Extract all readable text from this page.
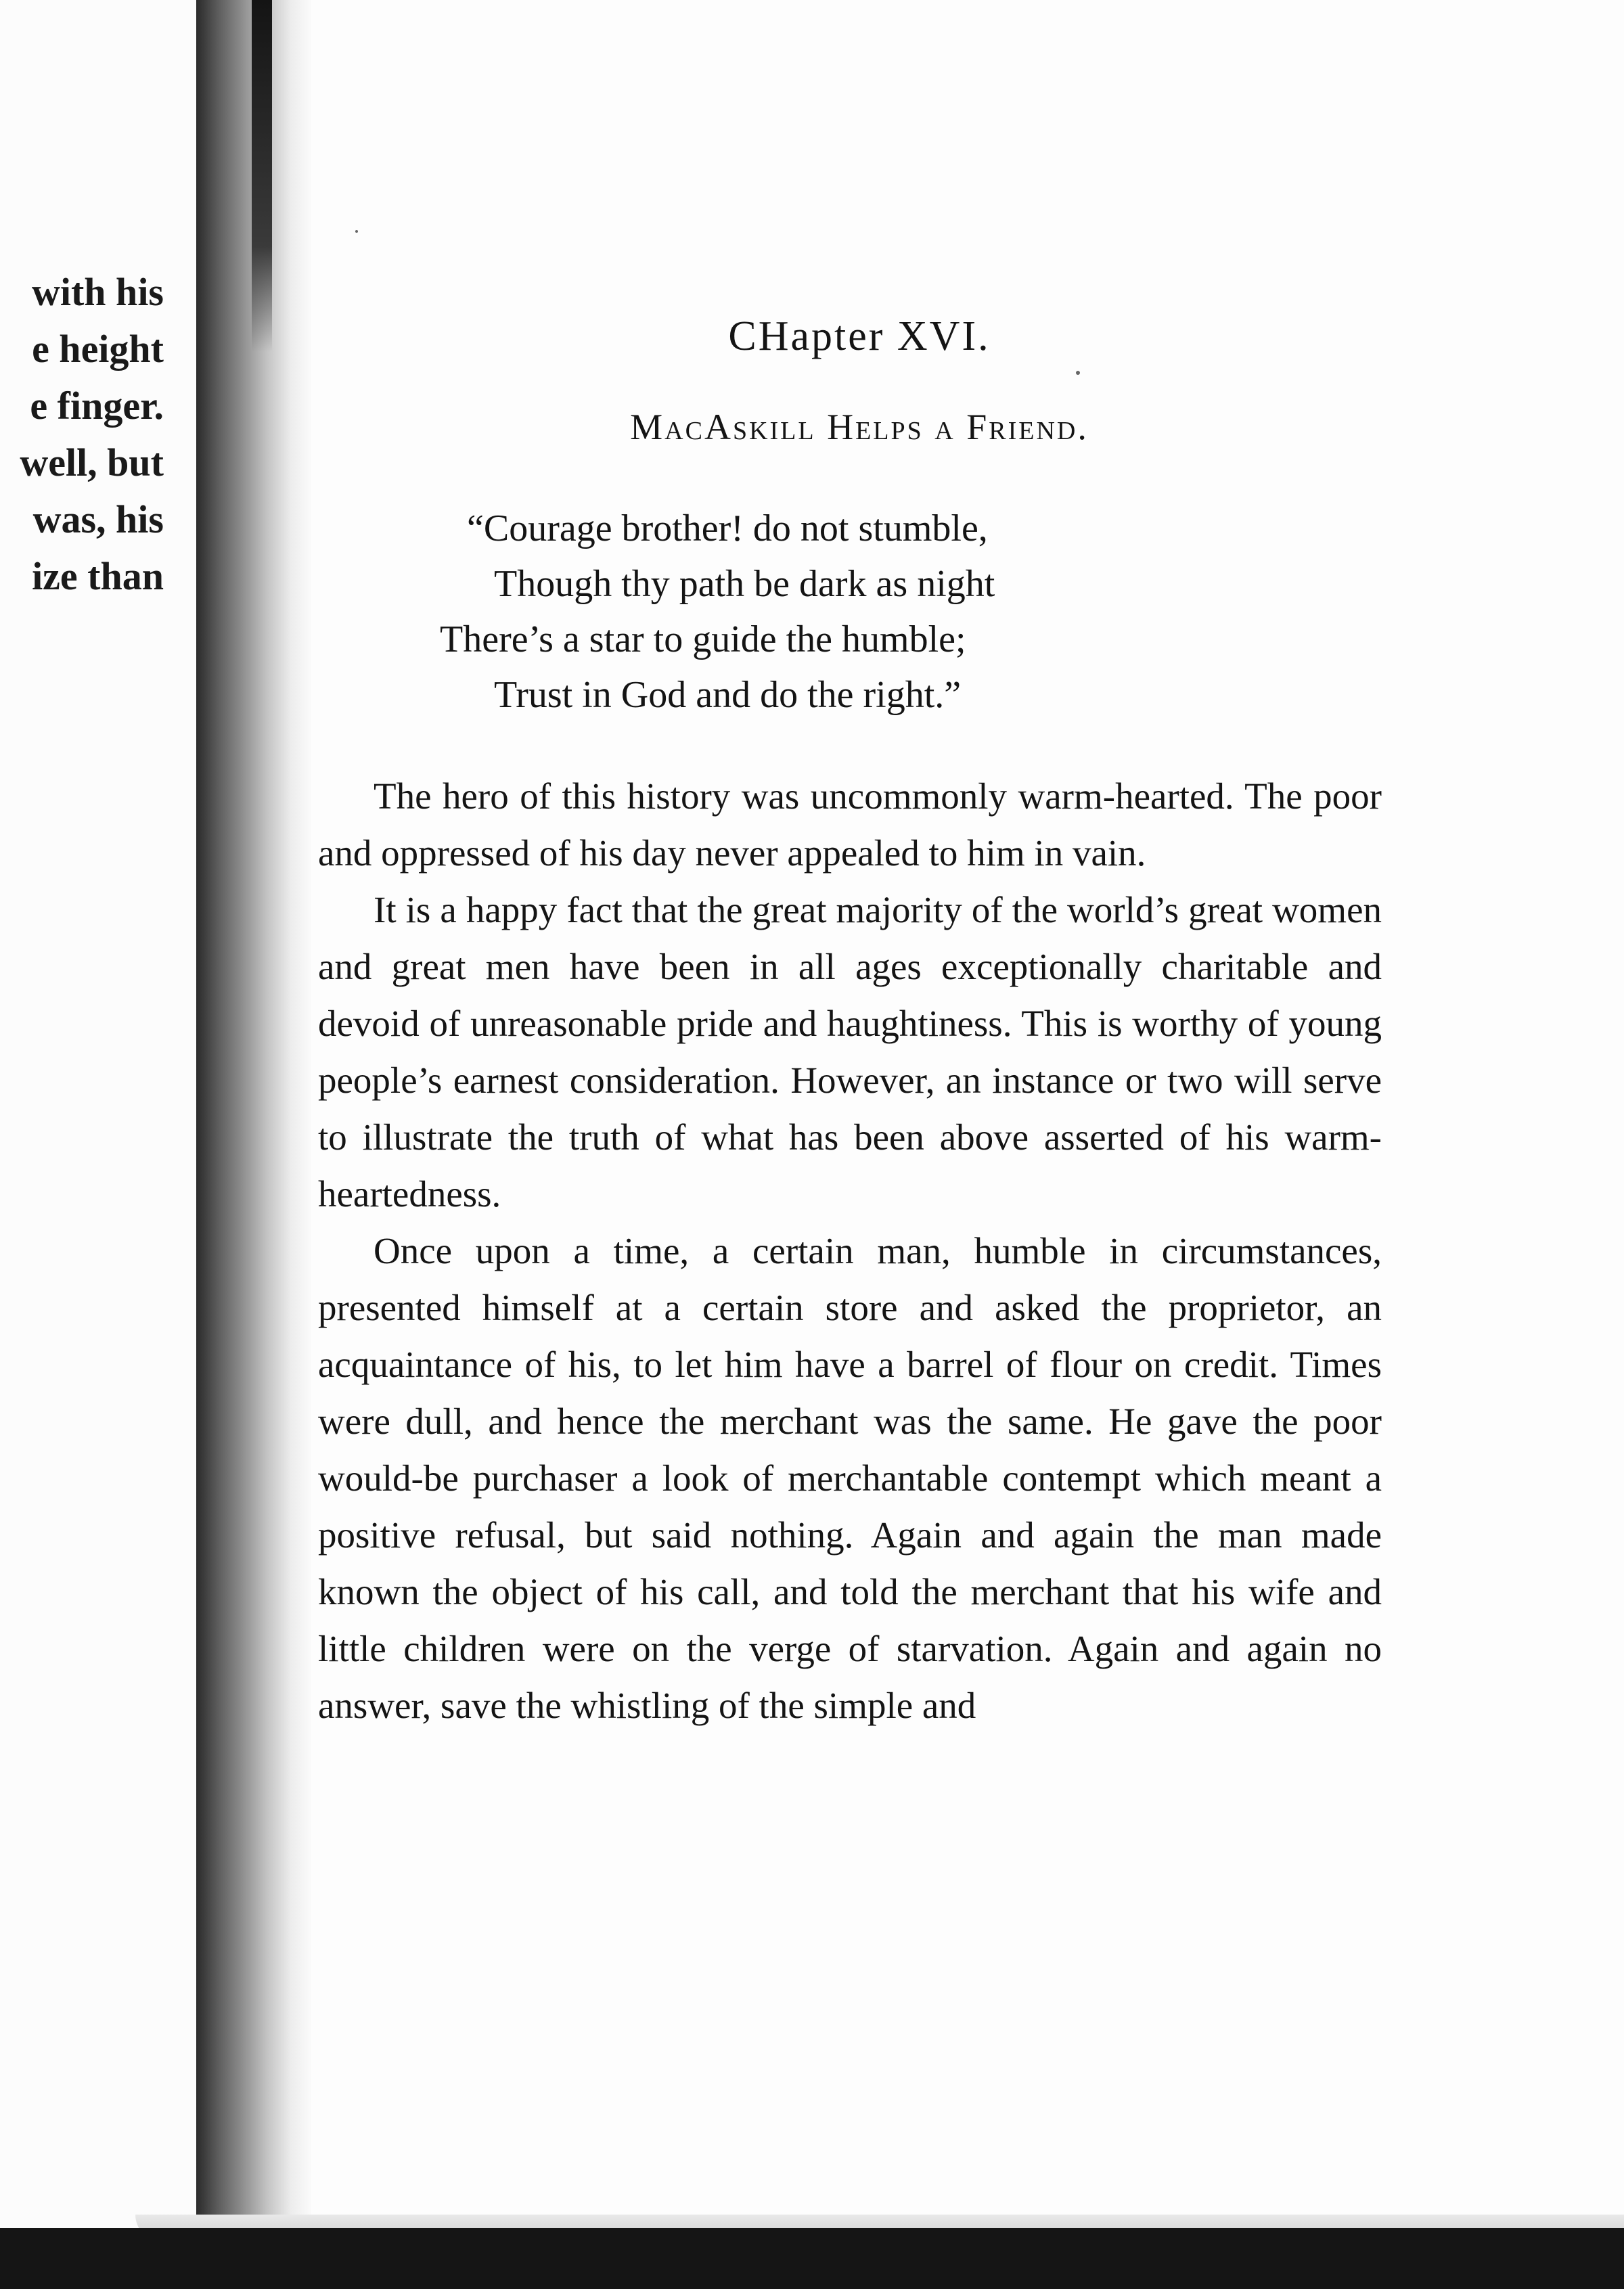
with his
e height
e finger.
well, but
was, his
ize than
CHapter XVI.
MacAskill Helps a Friend.
“Courage brother! do not stumble,
Though thy path be dark as night
There’s a star to guide the humble;
Trust in God and do the right.”

The hero of this history was uncommonly warm-hearted. The poor and oppressed of his day never appealed to him in vain.

It is a happy fact that the great majority of the world’s great women and great men have been in all ages exceptionally charitable and devoid of unreasonable pride and haughtiness. This is worthy of young people’s earnest consideration. However, an instance or two will serve to illustrate the truth of what has been above asserted of his warm-heartedness.

Once upon a time, a certain man, humble in circumstances, presented himself at a certain store and asked the proprietor, an acquaintance of his, to let him have a barrel of flour on credit. Times were dull, and hence the merchant was the same. He gave the poor would-be purchaser a look of merchantable contempt which meant a positive refusal, but said nothing. Again and again the man made known the object of his call, and told the merchant that his wife and little children were on the verge of starvation. Again and again no answer, save the whistling of the simple and
